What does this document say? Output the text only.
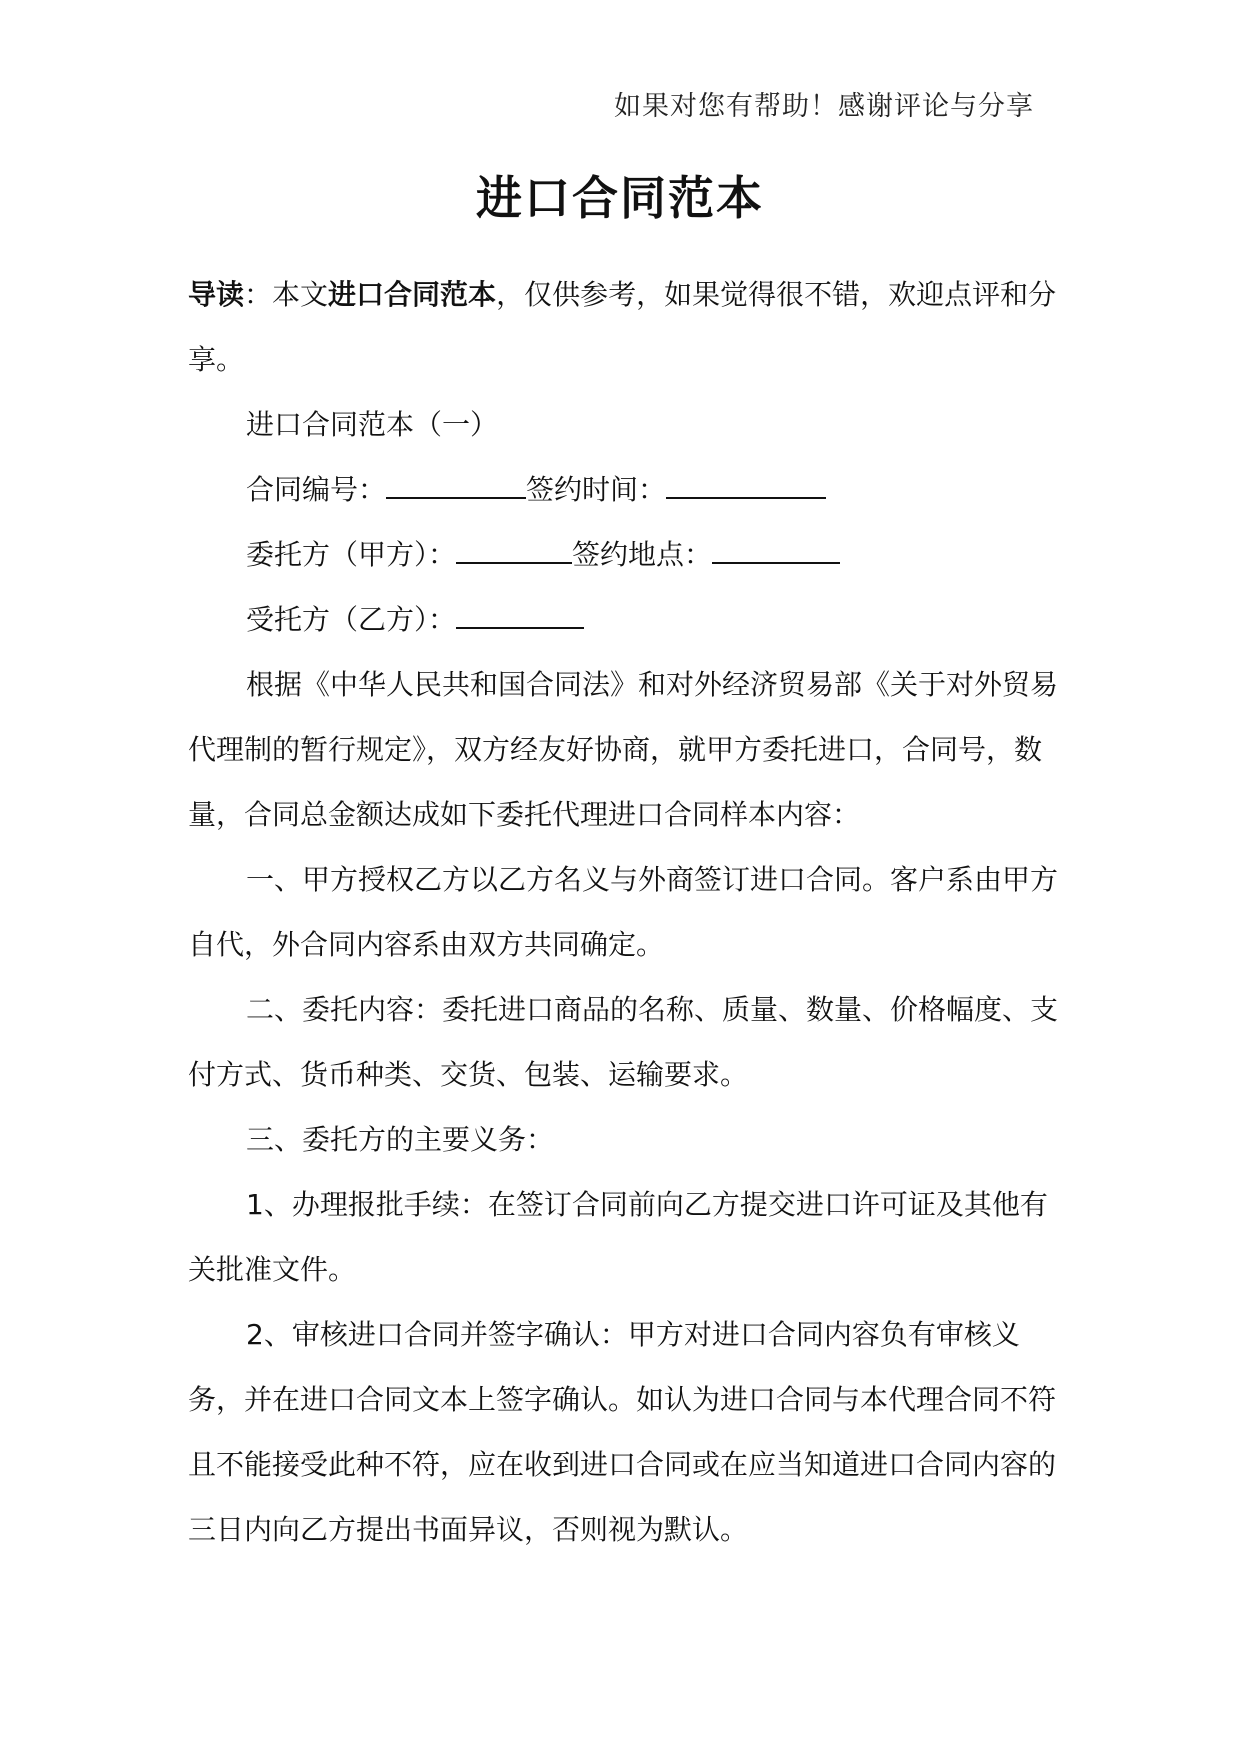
如果对您有帮助！感谢评论与分享
进口合同范本

导读：本文进口合同范本，仅供参考，如果觉得很不错，欢迎点评和分享。

进口合同范本（一）

合同编号：	签约时间：

委托方（甲方）：	签约地点：

受托方（乙方）：

根据《中华人民共和国合同法》和对外经济贸易部《关于对外贸易代理制的暂行规定》，双方经友好协商，就甲方委托进口，合同号，数量，合同总金额达成如下委托代理进口合同样本内容：

一、甲方授权乙方以乙方名义与外商签订进口合同。客户系由甲方自代，外合同内容系由双方共同确定。

二、委托内容：委托进口商品的名称、质量、数量、价格幅度、支付方式、货币种类、交货、包装、运输要求。

三、委托方的主要义务：

1、办理报批手续：在签订合同前向乙方提交进口许可证及其他有关批准文件。

2、审核进口合同并签字确认：甲方对进口合同内容负有审核义务，并在进口合同文本上签字确认。如认为进口合同与本代理合同不符且不能接受此种不符，应在收到进口合同或在应当知道进口合同内容的三日内向乙方提出书面异议，否则视为默认。
